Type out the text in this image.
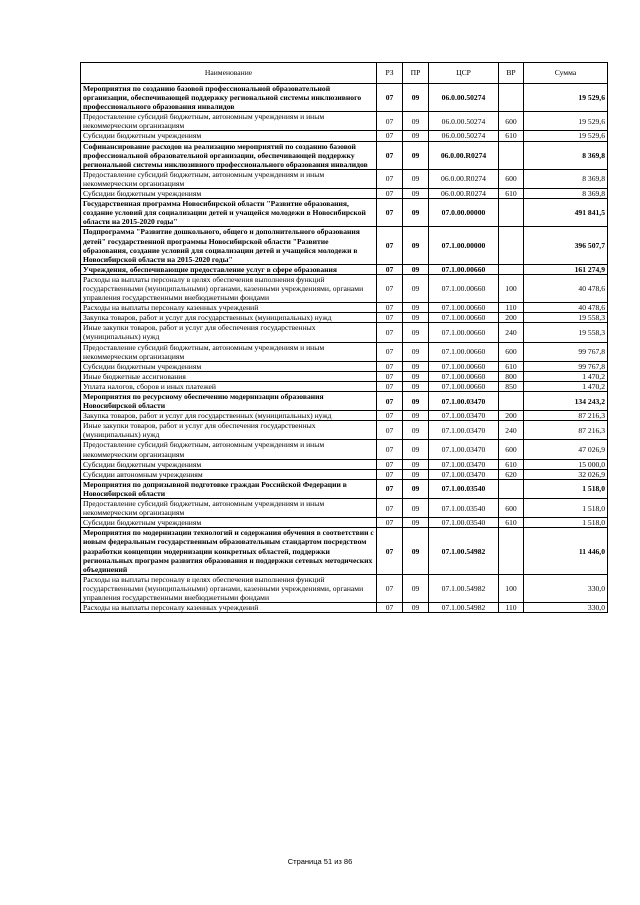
Наименование	РЗ	ПР	ЦСР	ВР	Сумма
Мероприятия по созданию базовой профессиональной образовательной организации, обеспечивающей поддержку региональной системы инклюзивного профессионального образования инвалидов	07	09	06.0.00.50274		19 529,6
Предоставление субсидий бюджетным, автономным учреждениям и иным некоммерческим организациям	07	09	06.0.00.50274	600	19 529,6
Субсидии бюджетным учреждениям	07	09	06.0.00.50274	610	19 529,6
Софинансирование расходов на реализацию мероприятий по созданию базовой профессиональной образовательной организации, обеспечивающей поддержку региональной системы инклюзивного профессионального образования инвалидов	07	09	06.0.00.R0274		8 369,8
Предоставление субсидий бюджетным, автономным учреждениям и иным некоммерческим организациям	07	09	06.0.00.R0274	600	8 369,8
Субсидии бюджетным учреждениям	07	09	06.0.00.R0274	610	8 369,8
Государственная программа Новосибирской области "Развитие образования, создание условий для социализации детей и учащейся молодежи в Новосибирской области на 2015-2020 годы"	07	09	07.0.00.00000		491 841,5
Подпрограмма "Развитие дошкольного, общего и дополнительного образования детей" государственной программы Новосибирской области "Развитие образования, создание условий для социализации детей и учащейся молодежи в Новосибирской области на 2015-2020 годы"	07	09	07.1.00.00000		396 507,7
Учреждения, обеспечивающие предоставление услуг в сфере образования	07	09	07.1.00.00660		161 274,9
Расходы на выплаты персоналу в целях обеспечения выполнения функций государственными (муниципальными) органами, казенными учреждениями, органами управления государственными внебюджетными фондами	07	09	07.1.00.00660	100	40 478,6
Расходы на выплаты персоналу казенных учреждений	07	09	07.1.00.00660	110	40 478,6
Закупка товаров, работ и услуг для государственных (муниципальных) нужд	07	09	07.1.00.00660	200	19 558,3
Иные закупки товаров, работ и услуг для обеспечения государственных (муниципальных) нужд	07	09	07.1.00.00660	240	19 558,3
Предоставление субсидий бюджетным, автономным учреждениям и иным некоммерческим организациям	07	09	07.1.00.00660	600	99 767,8
Субсидии бюджетным учреждениям	07	09	07.1.00.00660	610	99 767,8
Иные бюджетные ассигнования	07	09	07.1.00.00660	800	1 470,2
Уплата налогов, сборов и иных платежей	07	09	07.1.00.00660	850	1 470,2
Мероприятия по ресурсному обеспечению модернизации образования Новосибирской области	07	09	07.1.00.03470		134 243,2
Закупка товаров, работ и услуг для государственных (муниципальных) нужд	07	09	07.1.00.03470	200	87 216,3
Иные закупки товаров, работ и услуг для обеспечения государственных (муниципальных) нужд	07	09	07.1.00.03470	240	87 216,3
Предоставление субсидий бюджетным, автономным учреждениям и иным некоммерческим организациям	07	09	07.1.00.03470	600	47 026,9
Субсидии бюджетным учреждениям	07	09	07.1.00.03470	610	15 000,0
Субсидии автономным учреждениям	07	09	07.1.00.03470	620	32 026,9
Мероприятия по допризывной подготовке граждан Российской Федерации в Новосибирской области	07	09	07.1.00.03540		1 518,0
Предоставление субсидий бюджетным, автономным учреждениям и иным некоммерческим организациям	07	09	07.1.00.03540	600	1 518,0
Субсидии бюджетным учреждениям	07	09	07.1.00.03540	610	1 518,0
Мероприятия по модернизации технологий и содержания обучения в соответствии с новым федеральным государственным образовательным стандартом посредством разработки концепции модернизации конкретных областей, поддержки региональных программ развития образования и поддержки сетевых методических объединений	07	09	07.1.00.54982		11 446,0
Расходы на выплаты персоналу в целях обеспечения выполнения функций государственными (муниципальными) органами, казенными учреждениями, органами управления государственными внебюджетными фондами	07	09	07.1.00.54982	100	330,0
Расходы на выплаты персоналу казенных учреждений	07	09	07.1.00.54982	110	330,0
Страница 51 из 86
